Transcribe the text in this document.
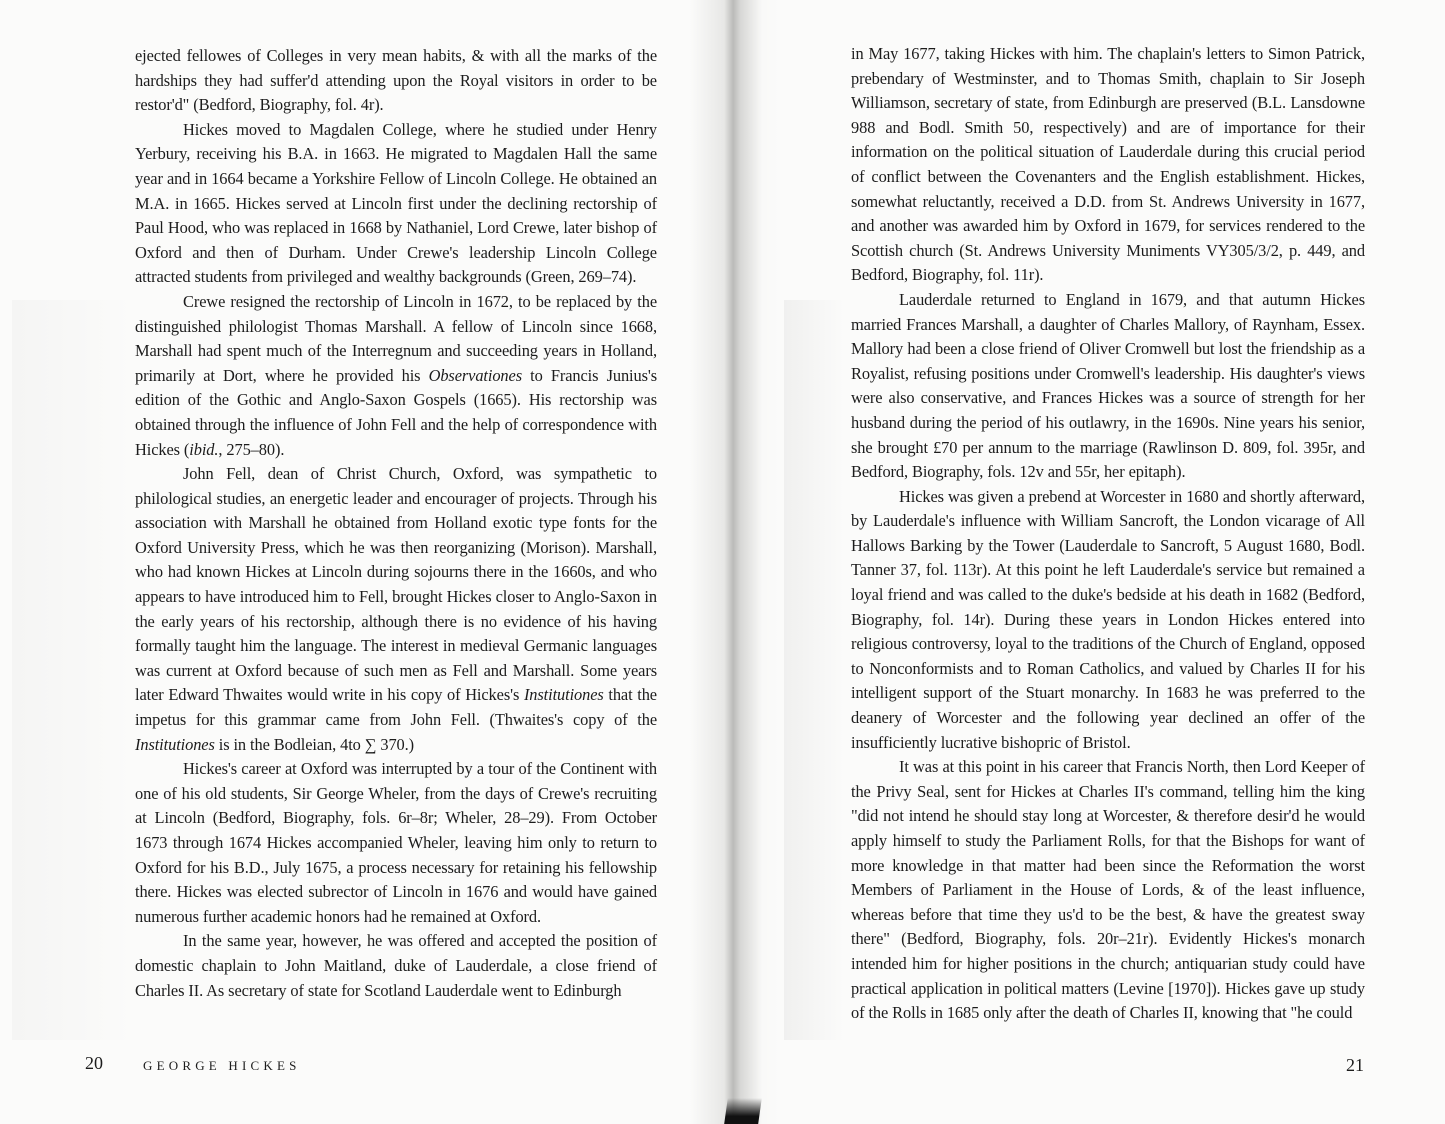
ejected fellowes of Colleges in very mean habits, & with all the marks of the hardships they had suffer'd attending upon the Royal visitors in order to be restor'd" (Bedford, Biography, fol. 4r).

Hickes moved to Magdalen College, where he studied under Henry Yerbury, receiving his B.A. in 1663. He migrated to Magdalen Hall the same year and in 1664 became a Yorkshire Fellow of Lincoln College. He obtained an M.A. in 1665. Hickes served at Lincoln first under the declining rectorship of Paul Hood, who was replaced in 1668 by Nathaniel, Lord Crewe, later bishop of Oxford and then of Durham. Under Crewe's leadership Lincoln College attracted students from privileged and wealthy backgrounds (Green, 269–74).

Crewe resigned the rectorship of Lincoln in 1672, to be replaced by the distinguished philologist Thomas Marshall. A fellow of Lincoln since 1668, Marshall had spent much of the Interregnum and succeeding years in Holland, primarily at Dort, where he provided his Observationes to Francis Junius's edition of the Gothic and Anglo-Saxon Gospels (1665). His rectorship was obtained through the influence of John Fell and the help of correspondence with Hickes (ibid., 275–80).

John Fell, dean of Christ Church, Oxford, was sympathetic to philological studies, an energetic leader and encourager of projects. Through his association with Marshall he obtained from Holland exotic type fonts for the Oxford University Press, which he was then reorganizing (Morison). Marshall, who had known Hickes at Lincoln during sojourns there in the 1660s, and who appears to have introduced him to Fell, brought Hickes closer to Anglo-Saxon in the early years of his rectorship, although there is no evidence of his having formally taught him the language. The interest in medieval Germanic languages was current at Oxford because of such men as Fell and Marshall. Some years later Edward Thwaites would write in his copy of Hickes's Institutiones that the impetus for this grammar came from John Fell. (Thwaites's copy of the Institutiones is in the Bodleian, 4to ∑ 370.)

Hickes's career at Oxford was interrupted by a tour of the Continent with one of his old students, Sir George Wheler, from the days of Crewe's recruiting at Lincoln (Bedford, Biography, fols. 6r–8r; Wheler, 28–29). From October 1673 through 1674 Hickes accompanied Wheler, leaving him only to return to Oxford for his B.D., July 1675, a process necessary for retaining his fellowship there. Hickes was elected subrector of Lincoln in 1676 and would have gained numerous further academic honors had he remained at Oxford.

In the same year, however, he was offered and accepted the position of domestic chaplain to John Maitland, duke of Lauderdale, a close friend of Charles II. As secretary of state for Scotland Lauderdale went to Edinburgh

in May 1677, taking Hickes with him. The chaplain's letters to Simon Patrick, prebendary of Westminster, and to Thomas Smith, chaplain to Sir Joseph Williamson, secretary of state, from Edinburgh are preserved (B.L. Lansdowne 988 and Bodl. Smith 50, respectively) and are of importance for their information on the political situation of Lauderdale during this crucial period of conflict between the Covenanters and the English establishment. Hickes, somewhat reluctantly, received a D.D. from St. Andrews University in 1677, and another was awarded him by Oxford in 1679, for services rendered to the Scottish church (St. Andrews University Muniments VY305/3/2, p. 449, and Bedford, Biography, fol. 11r).

Lauderdale returned to England in 1679, and that autumn Hickes married Frances Marshall, a daughter of Charles Mallory, of Raynham, Essex. Mallory had been a close friend of Oliver Cromwell but lost the friendship as a Royalist, refusing positions under Cromwell's leadership. His daughter's views were also conservative, and Frances Hickes was a source of strength for her husband during the period of his outlawry, in the 1690s. Nine years his senior, she brought £70 per annum to the marriage (Rawlinson D. 809, fol. 395r, and Bedford, Biography, fols. 12v and 55r, her epitaph).

Hickes was given a prebend at Worcester in 1680 and shortly afterward, by Lauderdale's influence with William Sancroft, the London vicarage of All Hallows Barking by the Tower (Lauderdale to Sancroft, 5 August 1680, Bodl. Tanner 37, fol. 113r). At this point he left Lauderdale's service but remained a loyal friend and was called to the duke's bedside at his death in 1682 (Bedford, Biography, fol. 14r). During these years in London Hickes entered into religious controversy, loyal to the traditions of the Church of England, opposed to Nonconformists and to Roman Catholics, and valued by Charles II for his intelligent support of the Stuart monarchy. In 1683 he was preferred to the deanery of Worcester and the following year declined an offer of the insufficiently lucrative bishopric of Bristol.

It was at this point in his career that Francis North, then Lord Keeper of the Privy Seal, sent for Hickes at Charles II's command, telling him the king "did not intend he should stay long at Worcester, & therefore desir'd he would apply himself to study the Parliament Rolls, for that the Bishops for want of more knowledge in that matter had been since the Reformation the worst Members of Parliament in the House of Lords, & of the least influence, whereas before that time they us'd to be the best, & have the greatest sway there" (Bedford, Biography, fols. 20r–21r). Evidently Hickes's monarch intended him for higher positions in the church; antiquarian study could have practical application in political matters (Levine [1970]). Hickes gave up study of the Rolls in 1685 only after the death of Charles II, knowing that "he could

20	GEORGE HICKES	21
